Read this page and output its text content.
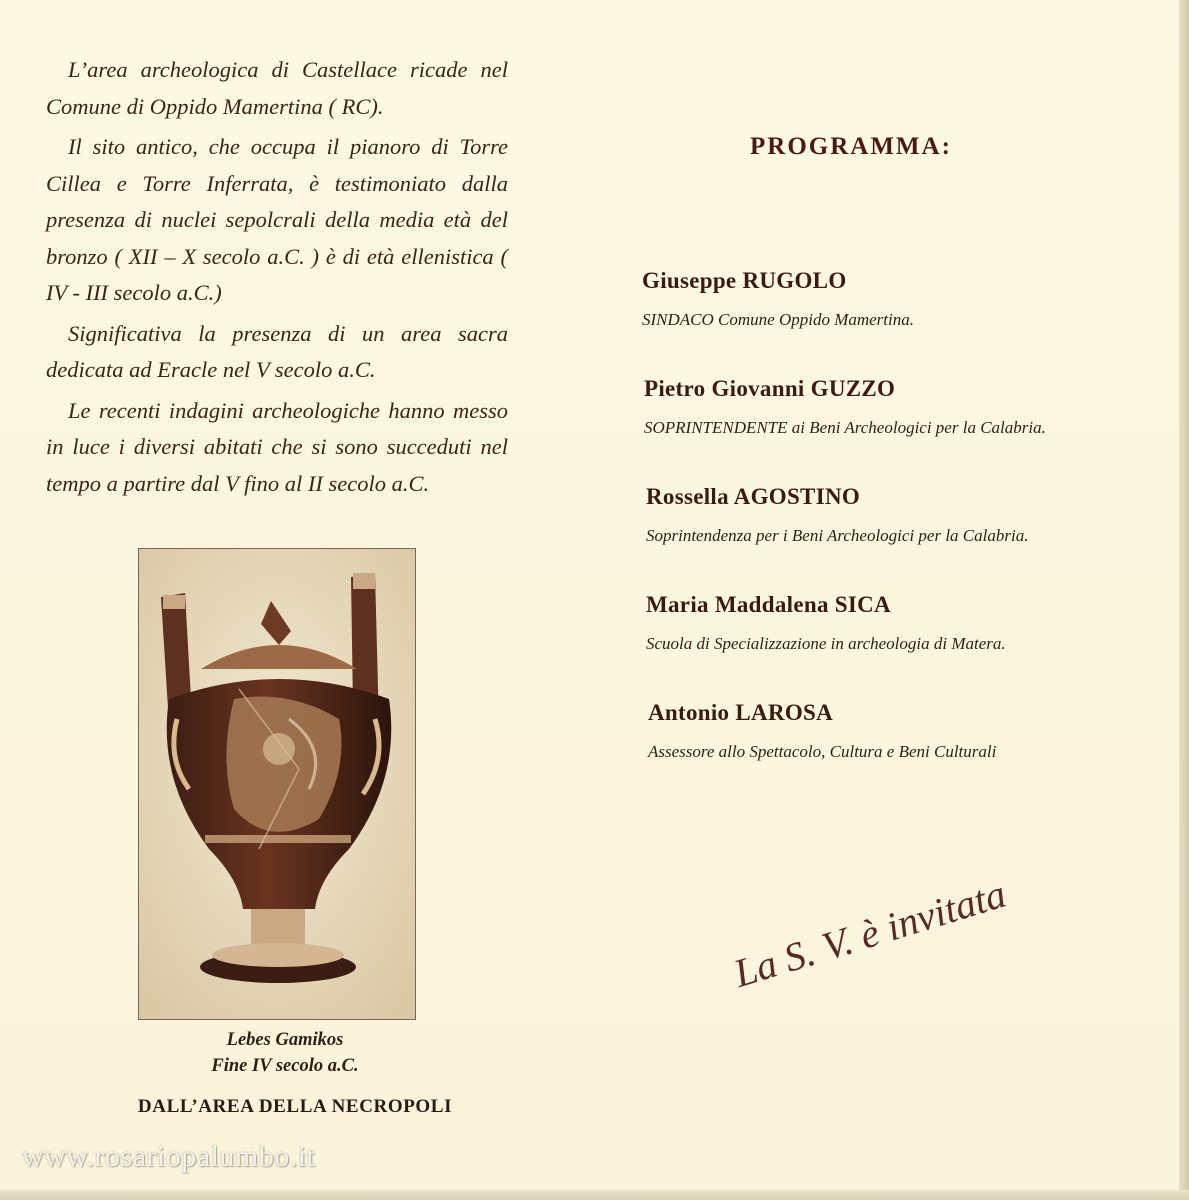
L’area archeologica di Castellace ricade nel Comune di Oppido Mamertina ( RC).

Il sito antico, che occupa il pianoro di Torre Cillea e Torre Inferrata, è testimoniato dalla presenza di nuclei sepolcrali della media età del bronzo ( XII – X secolo a.C. ) è di età ellenistica ( IV - III secolo a.C.)

Significativa la presenza di un area sacra dedicata ad Eracle nel V secolo a.C.

Le recenti indagini archeologiche hanno messo in luce i diversi abitati che si sono succeduti nel tempo a partire dal V fino al II secolo a.C.

Lebes Gamikos
Fine IV secolo a.C.
DALL’AREA DELLA NECROPOLI
www.rosariopalumbo.it
PROGRAMMA:
Giuseppe RUGOLO
SINDACO Comune Oppido Mamertina.
Pietro Giovanni GUZZO
SOPRINTENDENTE ai Beni Archeologici per la Calabria.
Rossella AGOSTINO
Soprintendenza per i Beni Archeologici per la Calabria.
Maria Maddalena SICA
Scuola di Specializzazione in archeologia di Matera.
Antonio LAROSA
Assessore allo Spettacolo, Cultura e Beni Culturali
La S. V. è invitata
